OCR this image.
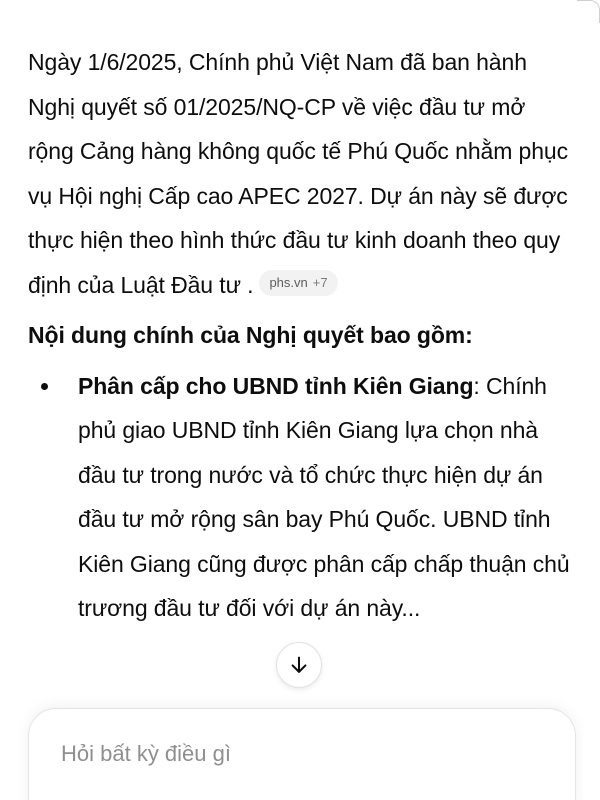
Ngày 1/6/2025, Chính phủ Việt Nam đã ban hành Nghị quyết số 01/2025/NQ-CP về việc đầu tư mở rộng Cảng hàng không quốc tế Phú Quốc nhằm phục vụ Hội nghị Cấp cao APEC 2027. Dự án này sẽ được thực hiện theo hình thức đầu tư kinh doanh theo quy định của Luật Đầu tư . phs.vn +7

Nội dung chính của Nghị quyết bao gồm:

Phân cấp cho UBND tỉnh Kiên Giang: Chính phủ giao UBND tỉnh Kiên Giang lựa chọn nhà đầu tư trong nước và tổ chức thực hiện dự án đầu tư mở rộng sân bay Phú Quốc. UBND tỉnh Kiên Giang cũng được phân cấp chấp thuận chủ trương đầu tư đối với dự án này...
Hỏi bất kỳ điều gì
